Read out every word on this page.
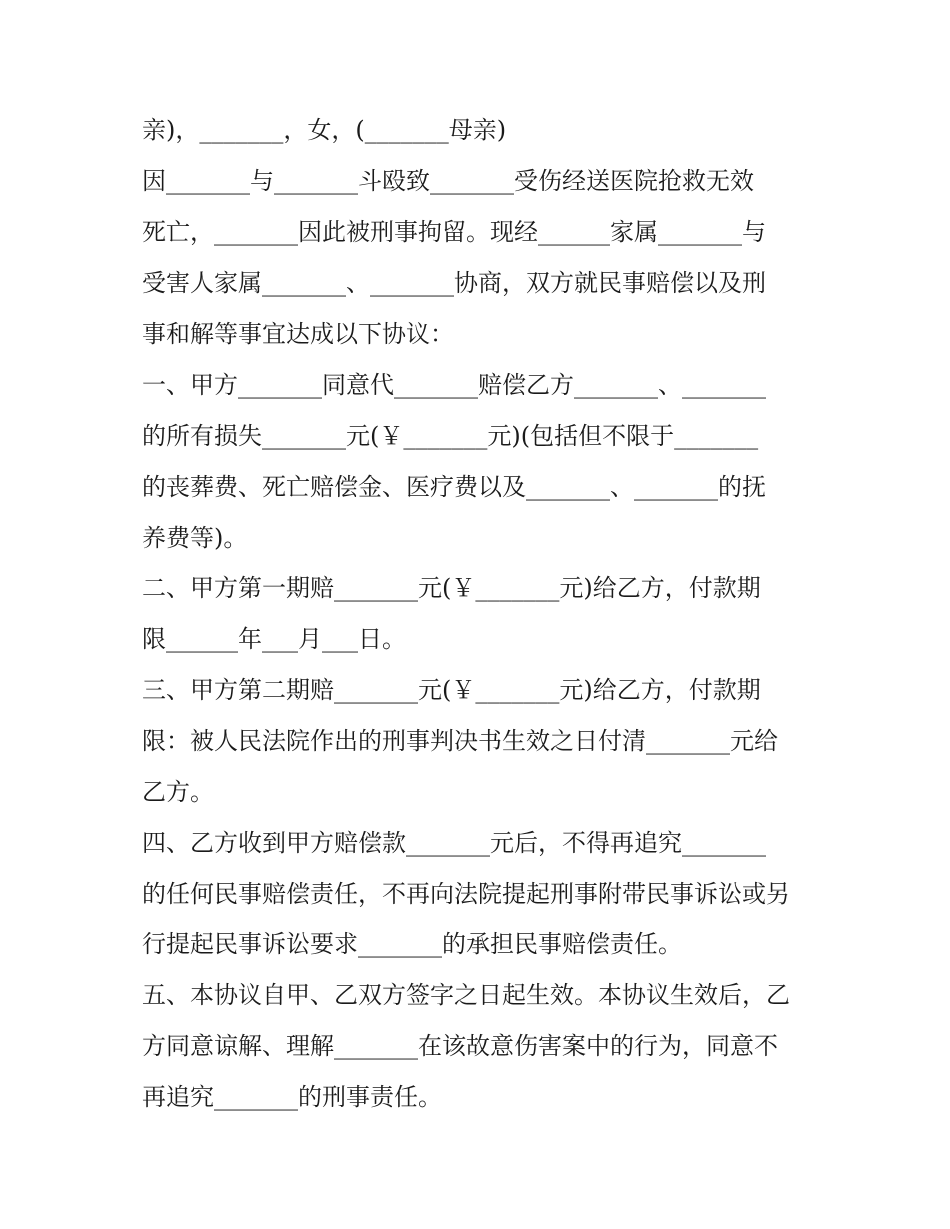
亲)，_______，女，(_______母亲)

因_______与_______斗殴致_______受伤经送医院抢救无效

死亡，_______因此被刑事拘留。现经______家属_______与

受害人家属_______、_______协商，双方就民事赔偿以及刑

事和解等事宜达成以下协议：

一、甲方_______同意代_______赔偿乙方_______、_______

的所有损失_______元(￥_______元)(包括但不限于_______

的丧葬费、死亡赔偿金、医疗费以及_______、_______的抚

养费等)。

二、甲方第一期赔_______元(￥_______元)给乙方，付款期

限______年___月___日。

三、甲方第二期赔_______元(￥_______元)给乙方，付款期

限：被人民法院作出的刑事判决书生效之日付清_______元给

乙方。

四、乙方收到甲方赔偿款_______元后，不得再追究_______

的任何民事赔偿责任，不再向法院提起刑事附带民事诉讼或另

行提起民事诉讼要求_______的承担民事赔偿责任。

五、本协议自甲、乙双方签字之日起生效。本协议生效后，乙

方同意谅解、理解_______在该故意伤害案中的行为，同意不

再追究_______的刑事责任。
